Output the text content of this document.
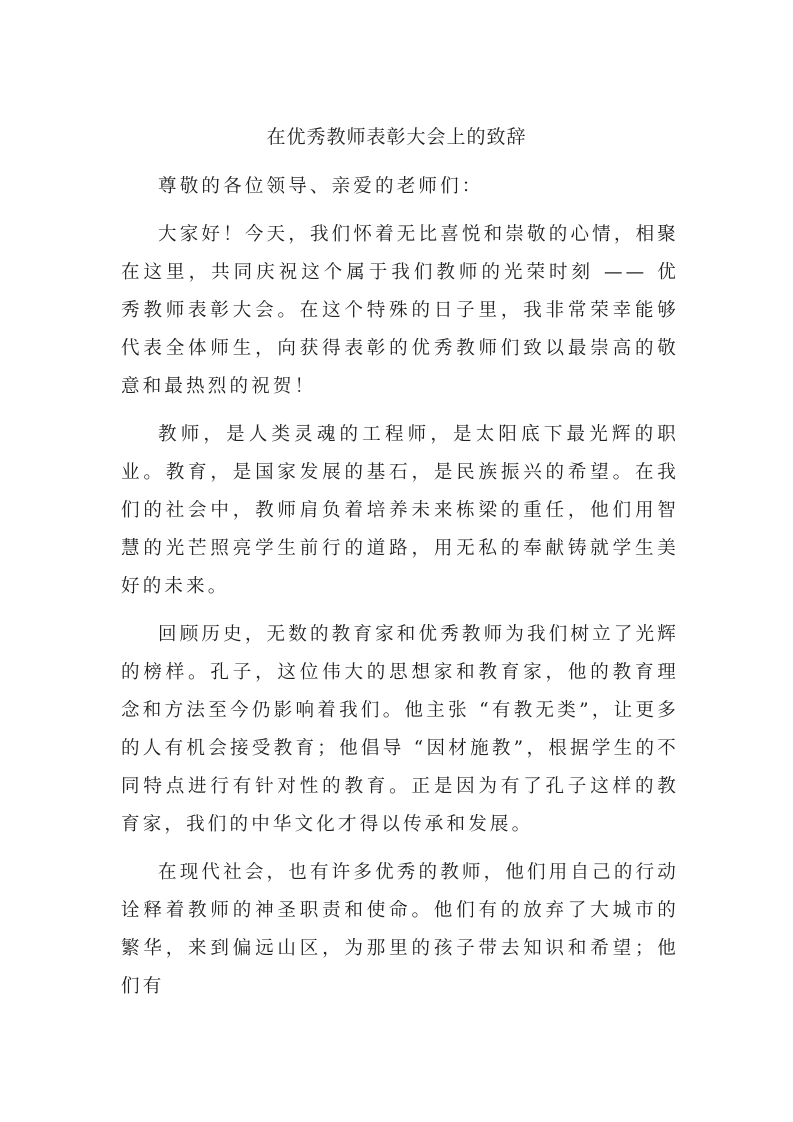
在优秀教师表彰大会上的致辞

尊敬的各位领导、亲爱的老师们：

大家好！今天，我们怀着无比喜悦和崇敬的心情，相聚在这里，共同庆祝这个属于我们教师的光荣时刻 —— 优秀教师表彰大会。在这个特殊的日子里，我非常荣幸能够代表全体师生，向获得表彰的优秀教师们致以最崇高的敬意和最热烈的祝贺！

教师，是人类灵魂的工程师，是太阳底下最光辉的职业。教育，是国家发展的基石，是民族振兴的希望。在我们的社会中，教师肩负着培养未来栋梁的重任，他们用智慧的光芒照亮学生前行的道路，用无私的奉献铸就学生美好的未来。

回顾历史，无数的教育家和优秀教师为我们树立了光辉的榜样。孔子，这位伟大的思想家和教育家，他的教育理念和方法至今仍影响着我们。他主张 “有教无类”，让更多的人有机会接受教育；他倡导 “因材施教”，根据学生的不同特点进行有针对性的教育。正是因为有了孔子这样的教育家，我们的中华文化才得以传承和发展。

在现代社会，也有许多优秀的教师，他们用自己的行动诠释着教师的神圣职责和使命。他们有的放弃了大城市的繁华，来到偏远山区，为那里的孩子带去知识和希望；他们有
